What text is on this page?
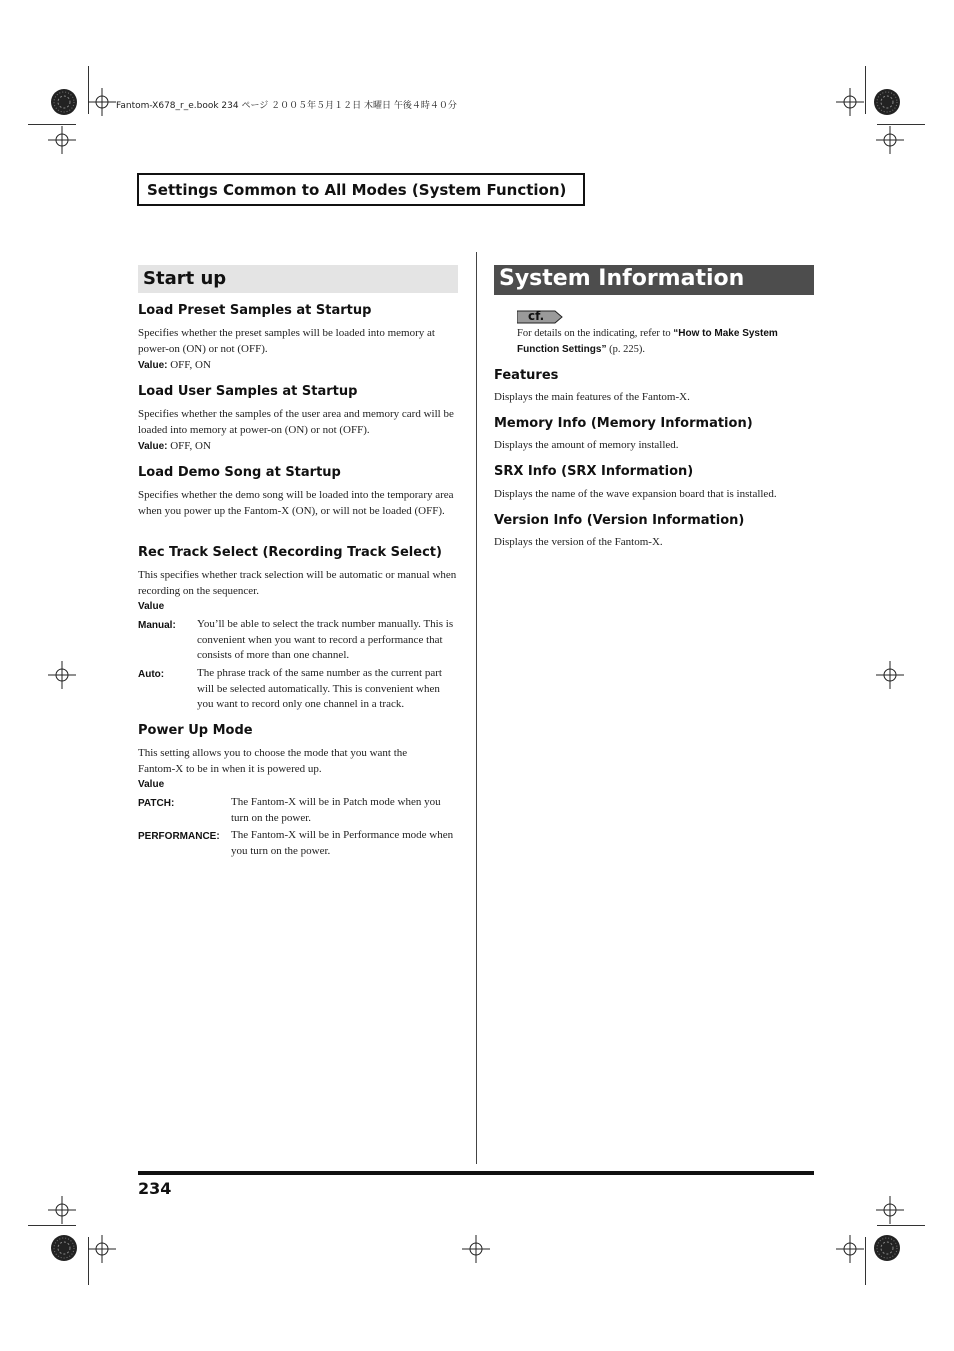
Fantom-X678_r_e.book 234 ページ ２００５年５月１２日 木曜日 午後４時４０分
Settings Common to All Modes (System Function)
Start up
Load Preset Samples at Startup

Specifies whether the preset samples will be loaded into memory at power-on (ON) or not (OFF).

Value: OFF, ON

Load User Samples at Startup

Specifies whether the samples of the user area and memory card will be loaded into memory at power-on (ON) or not (OFF).

Value: OFF, ON

Load Demo Song at Startup

Specifies whether the demo song will be loaded into the temporary area when you power up the Fantom-X (ON), or will not be loaded (OFF).

Rec Track Select (Recording Track Select)

This specifies whether track selection will be automatic or manual when recording on the sequencer.

Value
Manual: You’ll be able to select the track number manually. This is convenient when you want to record a performance that consists of more than one channel.
Auto:	The phrase track of the same number as the current part will be selected automatically. This is convenient when you want to record only one channel in a track.
Power Up Mode

This setting allows you to choose the mode that you want the Fantom-X to be in when it is powered up.

Value
PATCH:	The Fantom-X will be in Patch mode when you turn on the power.
PERFORMANCE: The Fantom-X will be in Performance mode when you turn on the power.
System Information
cf.

For details on the indicating, refer to “How to Make System Function Settings” (p. 225).

Features

Displays the main features of the Fantom-X.

Memory Info (Memory Information)

Displays the amount of memory installed.

SRX Info (SRX Information)

Displays the name of the wave expansion board that is installed.

Version Info (Version Information)

Displays the version of the Fantom-X.

234
